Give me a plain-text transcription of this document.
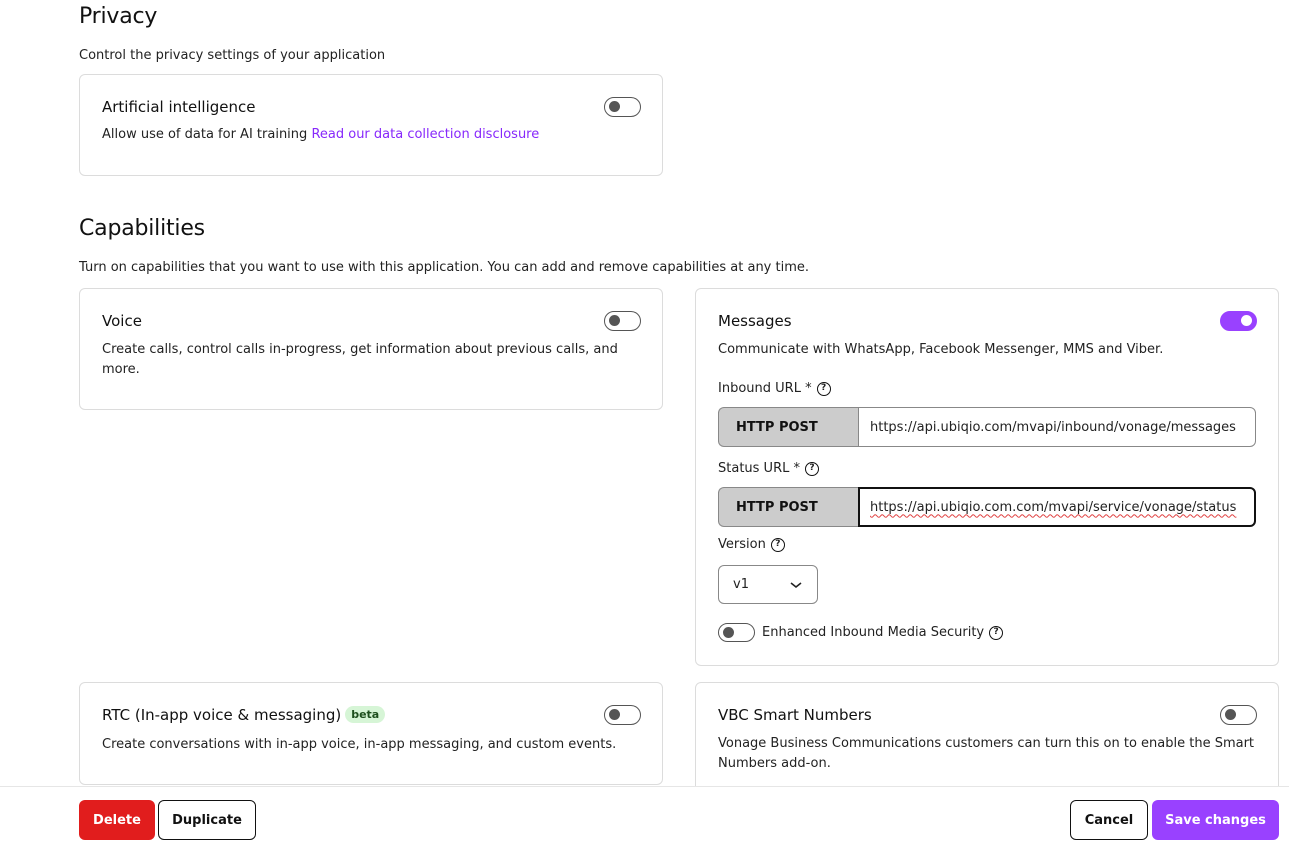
Privacy
Control the privacy settings of your application
Artificial intelligence
Allow use of data for AI training Read our data collection disclosure
Capabilities
Turn on capabilities that you want to use with this application. You can add and remove capabilities at any time.
Voice
Create calls, control calls in-progress, get information about previous calls, and more.
Messages
Communicate with WhatsApp, Facebook Messenger, MMS and Viber.
Inbound URL *	?
HTTP POST	https://api.ubiqio.com/mvapi/inbound/vonage/messages
Status URL *	?
HTTP POST	https://api.ubiqio.com.com/mvapi/service/vonage/status
Version	?
v1
Enhanced Inbound Media Security	?
RTC (In-app voice & messaging) beta
Create conversations with in-app voice, in-app messaging, and custom events.
VBC Smart Numbers
Vonage Business Communications customers can turn this on to enable the Smart Numbers add-on.
Delete	Duplicate	Cancel	Save changes
